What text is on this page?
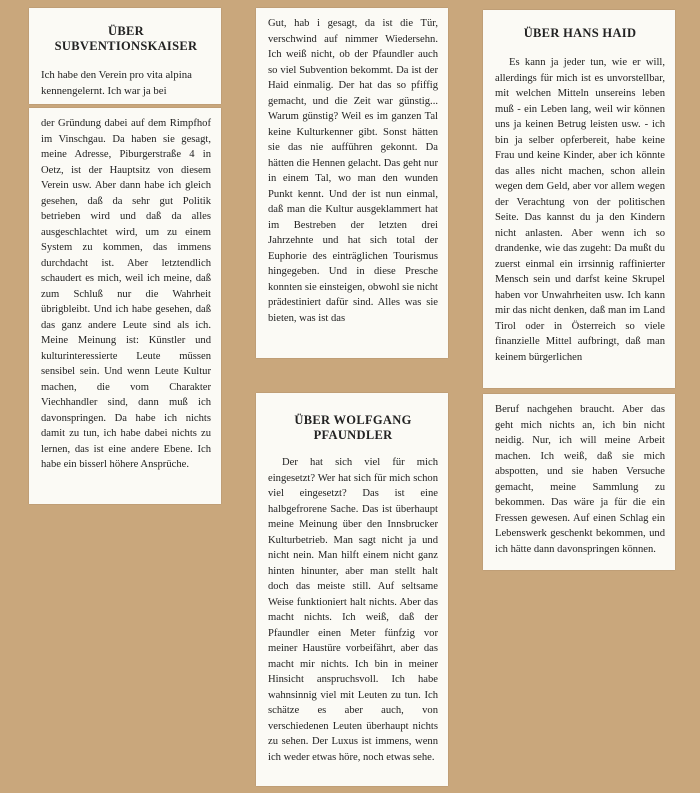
ÜBER SUBVENTIONSKAISER

Ich habe den Verein pro vita alpina kennengelernt. Ich war ja bei

der Gründung dabei auf dem Rimpfhof im Vinschgau. Da haben sie gesagt, meine Adresse, Piburgerstraße 4 in Oetz, ist der Hauptsitz von diesem Verein usw. Aber dann habe ich gleich gesehen, daß da sehr gut Politik betrieben wird und daß da alles ausgeschlachtet wird, um zu einem System zu kommen, das immens durchdacht ist. Aber letztendlich schaudert es mich, weil ich meine, daß zum Schluß nur die Wahrheit übrigbleibt. Und ich habe gesehen, daß das ganz andere Leute sind als ich. Meine Meinung ist: Künstler und kulturinteressierte Leute müssen sensibel sein. Und wenn Leute Kultur machen, die vom Charakter Viechhandler sind, dann muß ich davonspringen. Da habe ich nichts damit zu tun, ich habe dabei nichts zu lernen, das ist eine andere Ebene. Ich habe ein bisserl höhere Ansprüche.

Gut, hab i gesagt, da ist die Tür, verschwind auf nimmer Wiedersehn. Ich weiß nicht, ob der Pfaundler auch so viel Subvention bekommt. Da ist der Haid einmalig. Der hat das so pfiffig gemacht, und die Zeit war günstig... Warum günstig? Weil es im ganzen Tal keine Kulturkenner gibt. Sonst hätten sie das nie aufführen gekonnt. Da hätten die Hennen gelacht. Das geht nur in einem Tal, wo man den wunden Punkt kennt. Und der ist nun einmal, daß man die Kultur ausgeklammert hat im Bestreben der letzten drei Jahrzehnte und hat sich total der Euphorie des einträglichen Tourismus hingegeben. Und in diese Presche konnten sie einsteigen, obwohl sie nicht prädestiniert dafür sind. Alles was sie bieten, was ist das

ÜBER WOLFGANG PFAUNDLER

Der hat sich viel für mich eingesetzt? Wer hat sich für mich schon viel eingesetzt? Das ist eine halbgefrorene Sache. Das ist überhaupt meine Meinung über den Innsbrucker Kulturbetrieb. Man sagt nicht ja und nicht nein. Man hilft einem nicht ganz hinten hinunter, aber man stellt halt doch das meiste still. Auf seltsame Weise funktioniert halt nichts. Aber das macht nichts. Ich weiß, daß der Pfaundler einen Meter fünfzig vor meiner Haustüre vorbeifährt, aber das macht mir nichts. Ich bin in meiner Hinsicht anspruchsvoll. Ich habe wahnsinnig viel mit Leuten zu tun. Ich schätze es aber auch, von verschiedenen Leuten überhaupt nichts zu sehen. Der Luxus ist immens, wenn ich weder etwas höre, noch etwas sehe.

ÜBER HANS HAID

Es kann ja jeder tun, wie er will, allerdings für mich ist es unvorstellbar, mit welchen Mitteln unsereins leben muß - ein Leben lang, weil wir können uns ja keinen Betrug leisten usw. - ich bin ja selber opferbereit, habe keine Frau und keine Kinder, aber ich könnte das alles nicht machen, schon allein wegen dem Geld, aber vor allem wegen der Verachtung von der politischen Seite. Das kannst du ja den Kindern nicht anlasten. Aber wenn ich so drandenke, wie das zugeht: Da mußt du zuerst einmal ein irrsinnig raffinierter Mensch sein und darfst keine Skrupel haben vor Unwahrheiten usw. Ich kann mir das nicht denken, daß man im Land Tirol oder in Österreich so viele finanzielle Mittel aufbringt, daß man keinem bürgerlichen

Beruf nachgehen braucht. Aber das geht mich nichts an, ich bin nicht neidig. Nur, ich will meine Arbeit machen. Ich weiß, daß sie mich abspotten, und sie haben Versuche gemacht, meine Sammlung zu bekommen. Das wäre ja für die ein Fressen gewesen. Auf einen Schlag ein Lebenswerk geschenkt bekommen, und ich hätte dann davonspringen können.
